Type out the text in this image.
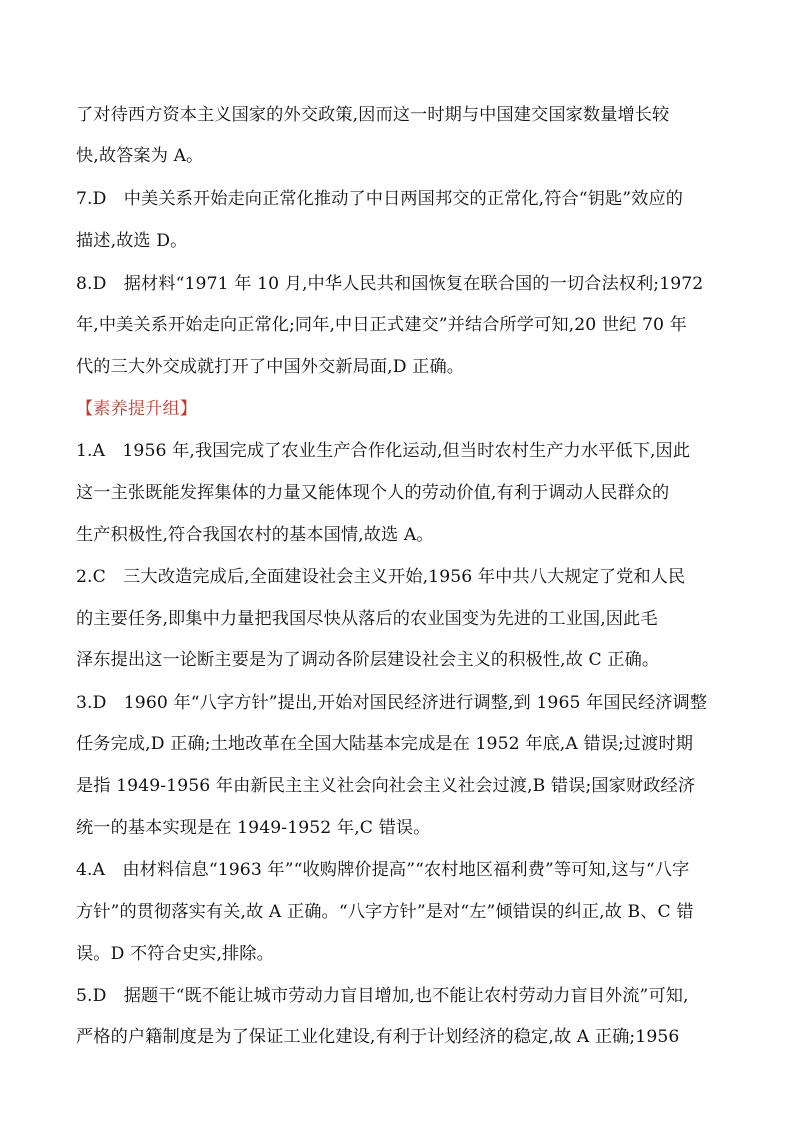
了对待西方资本主义国家的外交政策,因而这一时期与中国建交国家数量增长较
快,故答案为 A。
7.D　中美关系开始走向正常化推动了中日两国邦交的正常化,符合“钥匙”效应的
描述,故选 D。
8.D　据材料“1971 年 10 月,中华人民共和国恢复在联合国的一切合法权利;1972
年,中美关系开始走向正常化;同年,中日正式建交”并结合所学可知,20 世纪 70 年
代的三大外交成就打开了中国外交新局面,D 正确。
【素养提升组】
1.A　1956 年,我国完成了农业生产合作化运动,但当时农村生产力水平低下,因此
这一主张既能发挥集体的力量又能体现个人的劳动价值,有利于调动人民群众的
生产积极性,符合我国农村的基本国情,故选 A。
2.C　三大改造完成后,全面建设社会主义开始,1956 年中共八大规定了党和人民
的主要任务,即集中力量把我国尽快从落后的农业国变为先进的工业国,因此毛
泽东提出这一论断主要是为了调动各阶层建设社会主义的积极性,故 C 正确。
3.D　1960 年“八字方针”提出,开始对国民经济进行调整,到 1965 年国民经济调整
任务完成,D 正确;土地改革在全国大陆基本完成是在 1952 年底,A 错误;过渡时期
是指 1949-1956 年由新民主主义社会向社会主义社会过渡,B 错误;国家财政经济
统一的基本实现是在 1949-1952 年,C 错误。
4.A　由材料信息“1963 年”“收购牌价提高”“农村地区福利费”等可知,这与“八字
方针”的贯彻落实有关,故 A 正确。“八字方针”是对“左”倾错误的纠正,故 B、C 错
误。D 不符合史实,排除。
5.D　据题干“既不能让城市劳动力盲目增加,也不能让农村劳动力盲目外流”可知,
严格的户籍制度是为了保证工业化建设,有利于计划经济的稳定,故 A 正确;1956
